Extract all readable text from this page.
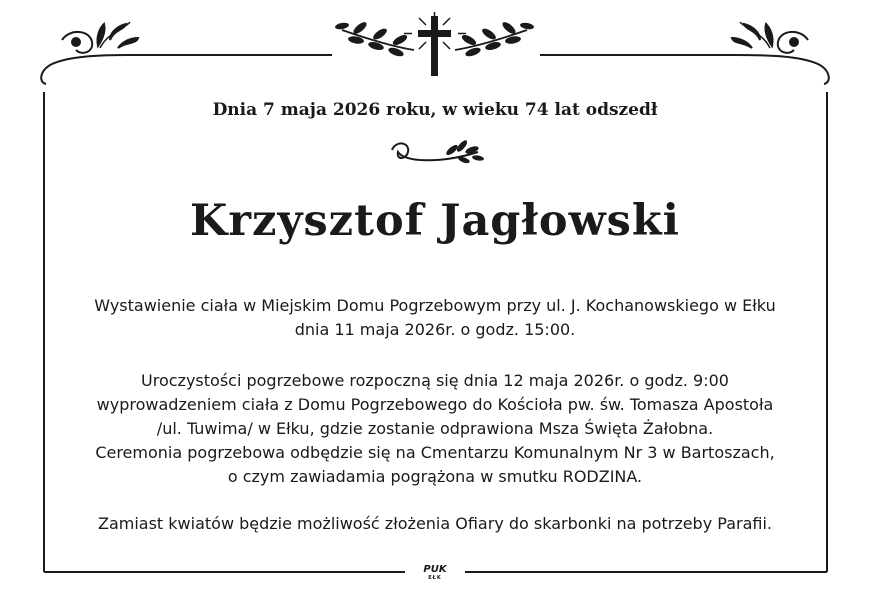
Dnia 7 maja 2026 roku, w wieku 74 lat odszedł
Krzysztof Jagłowski
Wystawienie ciała w Miejskim Domu Pogrzebowym przy ul. J. Kochanowskiego w Ełku
dnia 11 maja 2026r. o godz. 15:00.
Uroczystości pogrzebowe rozpoczną się dnia 12 maja 2026r. o godz. 9:00
wyprowadzeniem ciała z Domu Pogrzebowego do Kościoła pw. św. Tomasza Apostoła
/ul. Tuwima/ w Ełku, gdzie zostanie odprawiona Msza Święta Żałobna.
Ceremonia pogrzebowa odbędzie się na Cmentarzu Komunalnym Nr 3 w Bartoszach,
o czym zawiadamia pogrążona w smutku RODZINA.
Zamiast kwiatów będzie możliwość złożenia Ofiary do skarbonki na potrzeby Parafii.
PUK
EŁK
